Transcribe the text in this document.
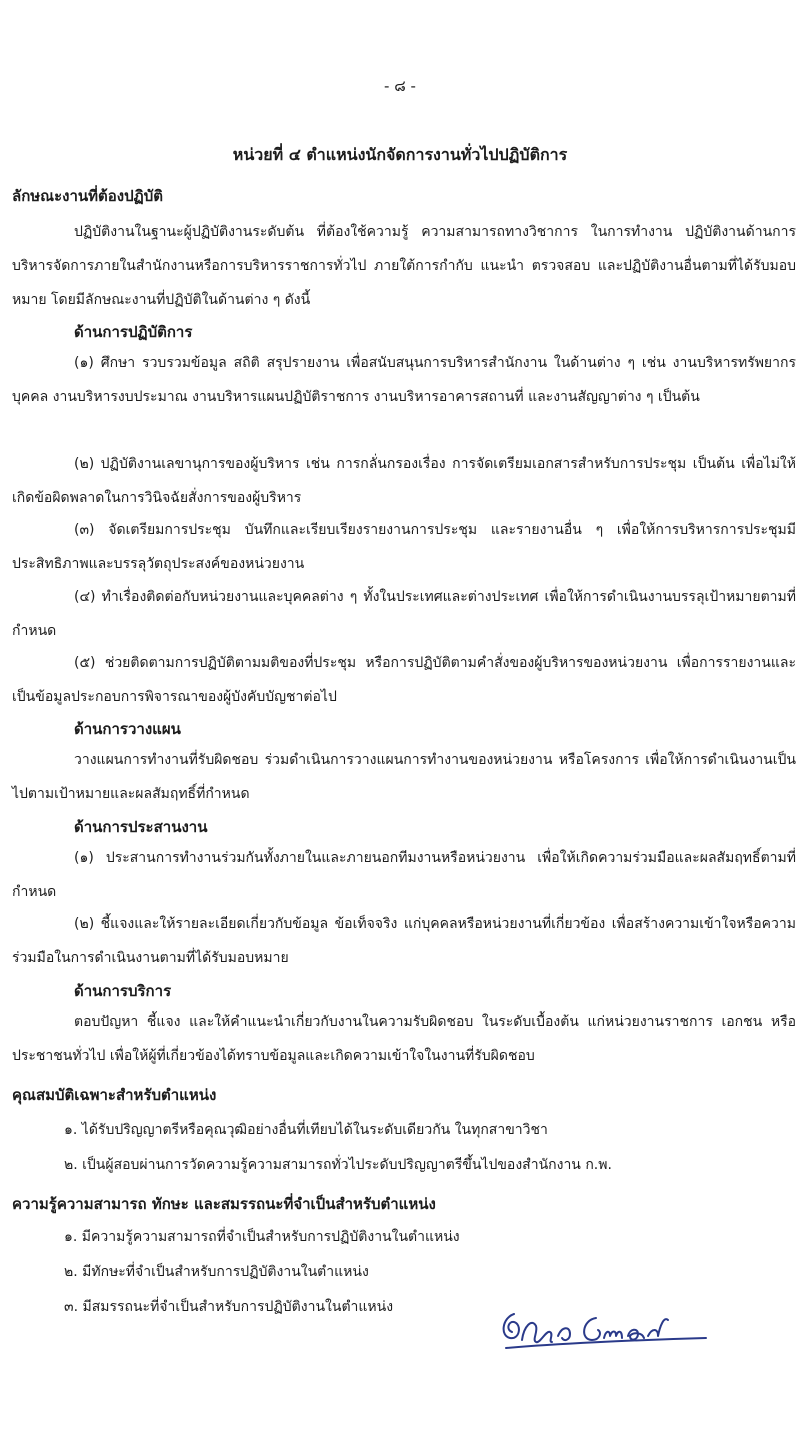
- ๘ -
หน่วยที่ ๔ ตำแหน่งนักจัดการงานทั่วไปปฏิบัติการ
ลักษณะงานที่ต้องปฏิบัติ

ปฏิบัติงานในฐานะผู้ปฏิบัติงานระดับต้น ที่ต้องใช้ความรู้ ความสามารถทางวิชาการ ในการทำงาน ปฏิบัติงานด้านการบริหารจัดการภายในสำนักงานหรือการบริหารราชการทั่วไป ภายใต้การกำกับ แนะนำ ตรวจสอบ และปฏิบัติงานอื่นตามที่ได้รับมอบหมาย โดยมีลักษณะงานที่ปฏิบัติในด้านต่าง ๆ ดังนี้

ด้านการปฏิบัติการ

(๑) ศึกษา รวบรวมข้อมูล สถิติ สรุปรายงาน เพื่อสนับสนุนการบริหารสำนักงาน ในด้านต่าง ๆ เช่น งานบริหารทรัพยากรบุคคล งานบริหารงบประมาณ งานบริหารแผนปฏิบัติราชการ งานบริหารอาคารสถานที่ และงานสัญญาต่าง ๆ เป็นต้น

(๒) ปฏิบัติงานเลขานุการของผู้บริหาร เช่น การกลั่นกรองเรื่อง การจัดเตรียมเอกสารสำหรับการประชุม เป็นต้น เพื่อไม่ให้เกิดข้อผิดพลาดในการวินิจฉัยสั่งการของผู้บริหาร

(๓) จัดเตรียมการประชุม บันทึกและเรียบเรียงรายงานการประชุม และรายงานอื่น ๆ เพื่อให้การบริหารการประชุมมีประสิทธิภาพและบรรลุวัตถุประสงค์ของหน่วยงาน

(๔) ทำเรื่องติดต่อกับหน่วยงานและบุคคลต่าง ๆ ทั้งในประเทศและต่างประเทศ เพื่อให้การดำเนินงานบรรลุเป้าหมายตามที่กำหนด

(๕) ช่วยติดตามการปฏิบัติตามมติของที่ประชุม หรือการปฏิบัติตามคำสั่งของผู้บริหารของหน่วยงาน เพื่อการรายงานและเป็นข้อมูลประกอบการพิจารณาของผู้บังคับบัญชาต่อไป

ด้านการวางแผน

วางแผนการทำงานที่รับผิดชอบ ร่วมดำเนินการวางแผนการทำงานของหน่วยงาน หรือโครงการ เพื่อให้การดำเนินงานเป็นไปตามเป้าหมายและผลสัมฤทธิ์ที่กำหนด

ด้านการประสานงาน

(๑) ประสานการทำงานร่วมกันทั้งภายในและภายนอกทีมงานหรือหน่วยงาน เพื่อให้เกิดความร่วมมือและผลสัมฤทธิ์ตามที่กำหนด

(๒) ชี้แจงและให้รายละเอียดเกี่ยวกับข้อมูล ข้อเท็จจริง แก่บุคคลหรือหน่วยงานที่เกี่ยวข้อง เพื่อสร้างความเข้าใจหรือความร่วมมือในการดำเนินงานตามที่ได้รับมอบหมาย

ด้านการบริการ

ตอบปัญหา ชี้แจง และให้คำแนะนำเกี่ยวกับงานในความรับผิดชอบ ในระดับเบื้องต้น แก่หน่วยงานราชการ เอกชน หรือประชาชนทั่วไป เพื่อให้ผู้ที่เกี่ยวข้องได้ทราบข้อมูลและเกิดความเข้าใจในงานที่รับผิดชอบ

คุณสมบัติเฉพาะสำหรับตำแหน่ง
๑. ได้รับปริญญาตรีหรือคุณวุฒิอย่างอื่นที่เทียบได้ในระดับเดียวกัน ในทุกสาขาวิชา
๒. เป็นผู้สอบผ่านการวัดความรู้ความสามารถทั่วไประดับปริญญาตรีขึ้นไปของสำนักงาน ก.พ.
ความรู้ความสามารถ ทักษะ และสมรรถนะที่จำเป็นสำหรับตำแหน่ง
๑. มีความรู้ความสามารถที่จำเป็นสำหรับการปฏิบัติงานในตำแหน่ง
๒. มีทักษะที่จำเป็นสำหรับการปฏิบัติงานในตำแหน่ง
๓. มีสมรรถนะที่จำเป็นสำหรับการปฏิบัติงานในตำแหน่ง
